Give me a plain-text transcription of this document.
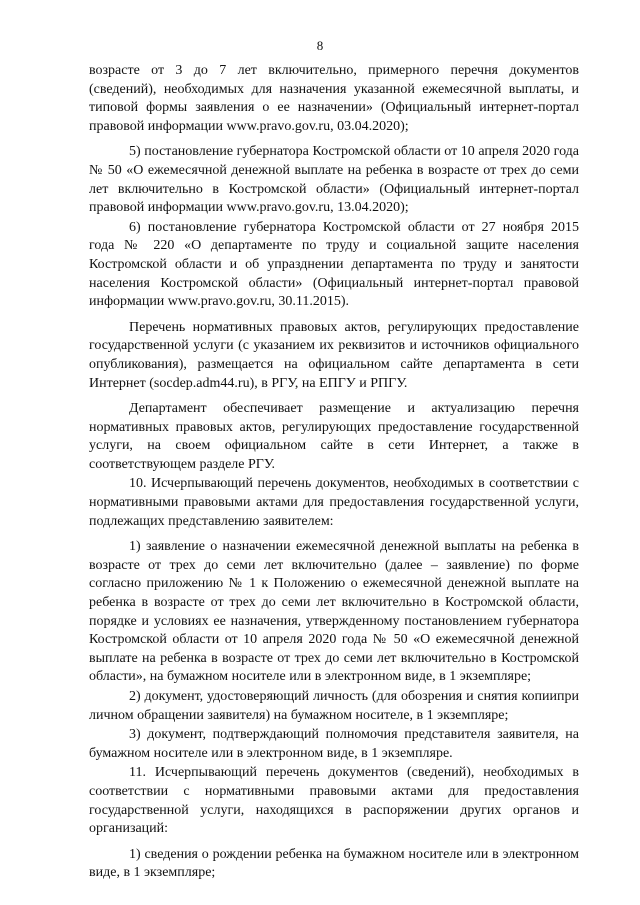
8

возрасте от 3 до 7 лет включительно, примерного перечня документов (сведений), необходимых для назначения указанной ежемесячной выплаты, и типовой формы заявления о ее назначении» (Официальный интернет-портал правовой информации www.pravo.gov.ru, 03.04.2020);

5) постановление губернатора Костромской области от 10 апреля 2020 года № 50 «О ежемесячной денежной выплате на ребенка в возрасте от трех до семи лет включительно в Костромской области» (Официальный интернет-портал правовой информации www.pravo.gov.ru, 13.04.2020);

6) постановление губернатора Костромской области от 27 ноября 2015 года № 220 «О департаменте по труду и социальной защите населения Костромской области и об упразднении департамента по труду и занятости населения Костромской области» (Официальный интернет-портал правовой информации www.pravo.gov.ru, 30.11.2015).

Перечень нормативных правовых актов, регулирующих предоставление государственной услуги (с указанием их реквизитов и источников официального опубликования), размещается на официальном сайте департамента в сети Интернет (socdep.adm44.ru), в РГУ, на ЕПГУ и РПГУ.

Департамент обеспечивает размещение и актуализацию перечня нормативных правовых актов, регулирующих предоставление государственной услуги, на своем официальном сайте в сети Интернет, а также в соответствующем разделе РГУ.

10. Исчерпывающий перечень документов, необходимых в соответствии с нормативными правовыми актами для предоставления государственной услуги, подлежащих представлению заявителем:

1) заявление о назначении ежемесячной денежной выплаты на ребенка в возрасте от трех до семи лет включительно (далее – заявление) по форме согласно приложению № 1 к Положению о ежемесячной денежной выплате на ребенка в возрасте от трех до семи лет включительно в Костромской области, порядке и условиях ее назначения, утвержденному постановлением губернатора Костромской области от 10 апреля 2020 года № 50 «О ежемесячной денежной выплате на ребенка в возрасте от трех до семи лет включительно в Костромской области», на бумажном носителе или в электронном виде, в 1 экземпляре;

2) документ, удостоверяющий личность (для обозрения и снятия копиипри личном обращении заявителя) на бумажном носителе, в 1 экземпляре;

3) документ, подтверждающий полномочия представителя заявителя, на бумажном носителе или в электронном виде, в 1 экземпляре.

11. Исчерпывающий перечень документов (сведений), необходимых в соответствии с нормативными правовыми актами для предоставления государственной услуги, находящихся в распоряжении других органов и организаций:

1) сведения о рождении ребенка на бумажном носителе или в электронном виде, в 1 экземпляре;
